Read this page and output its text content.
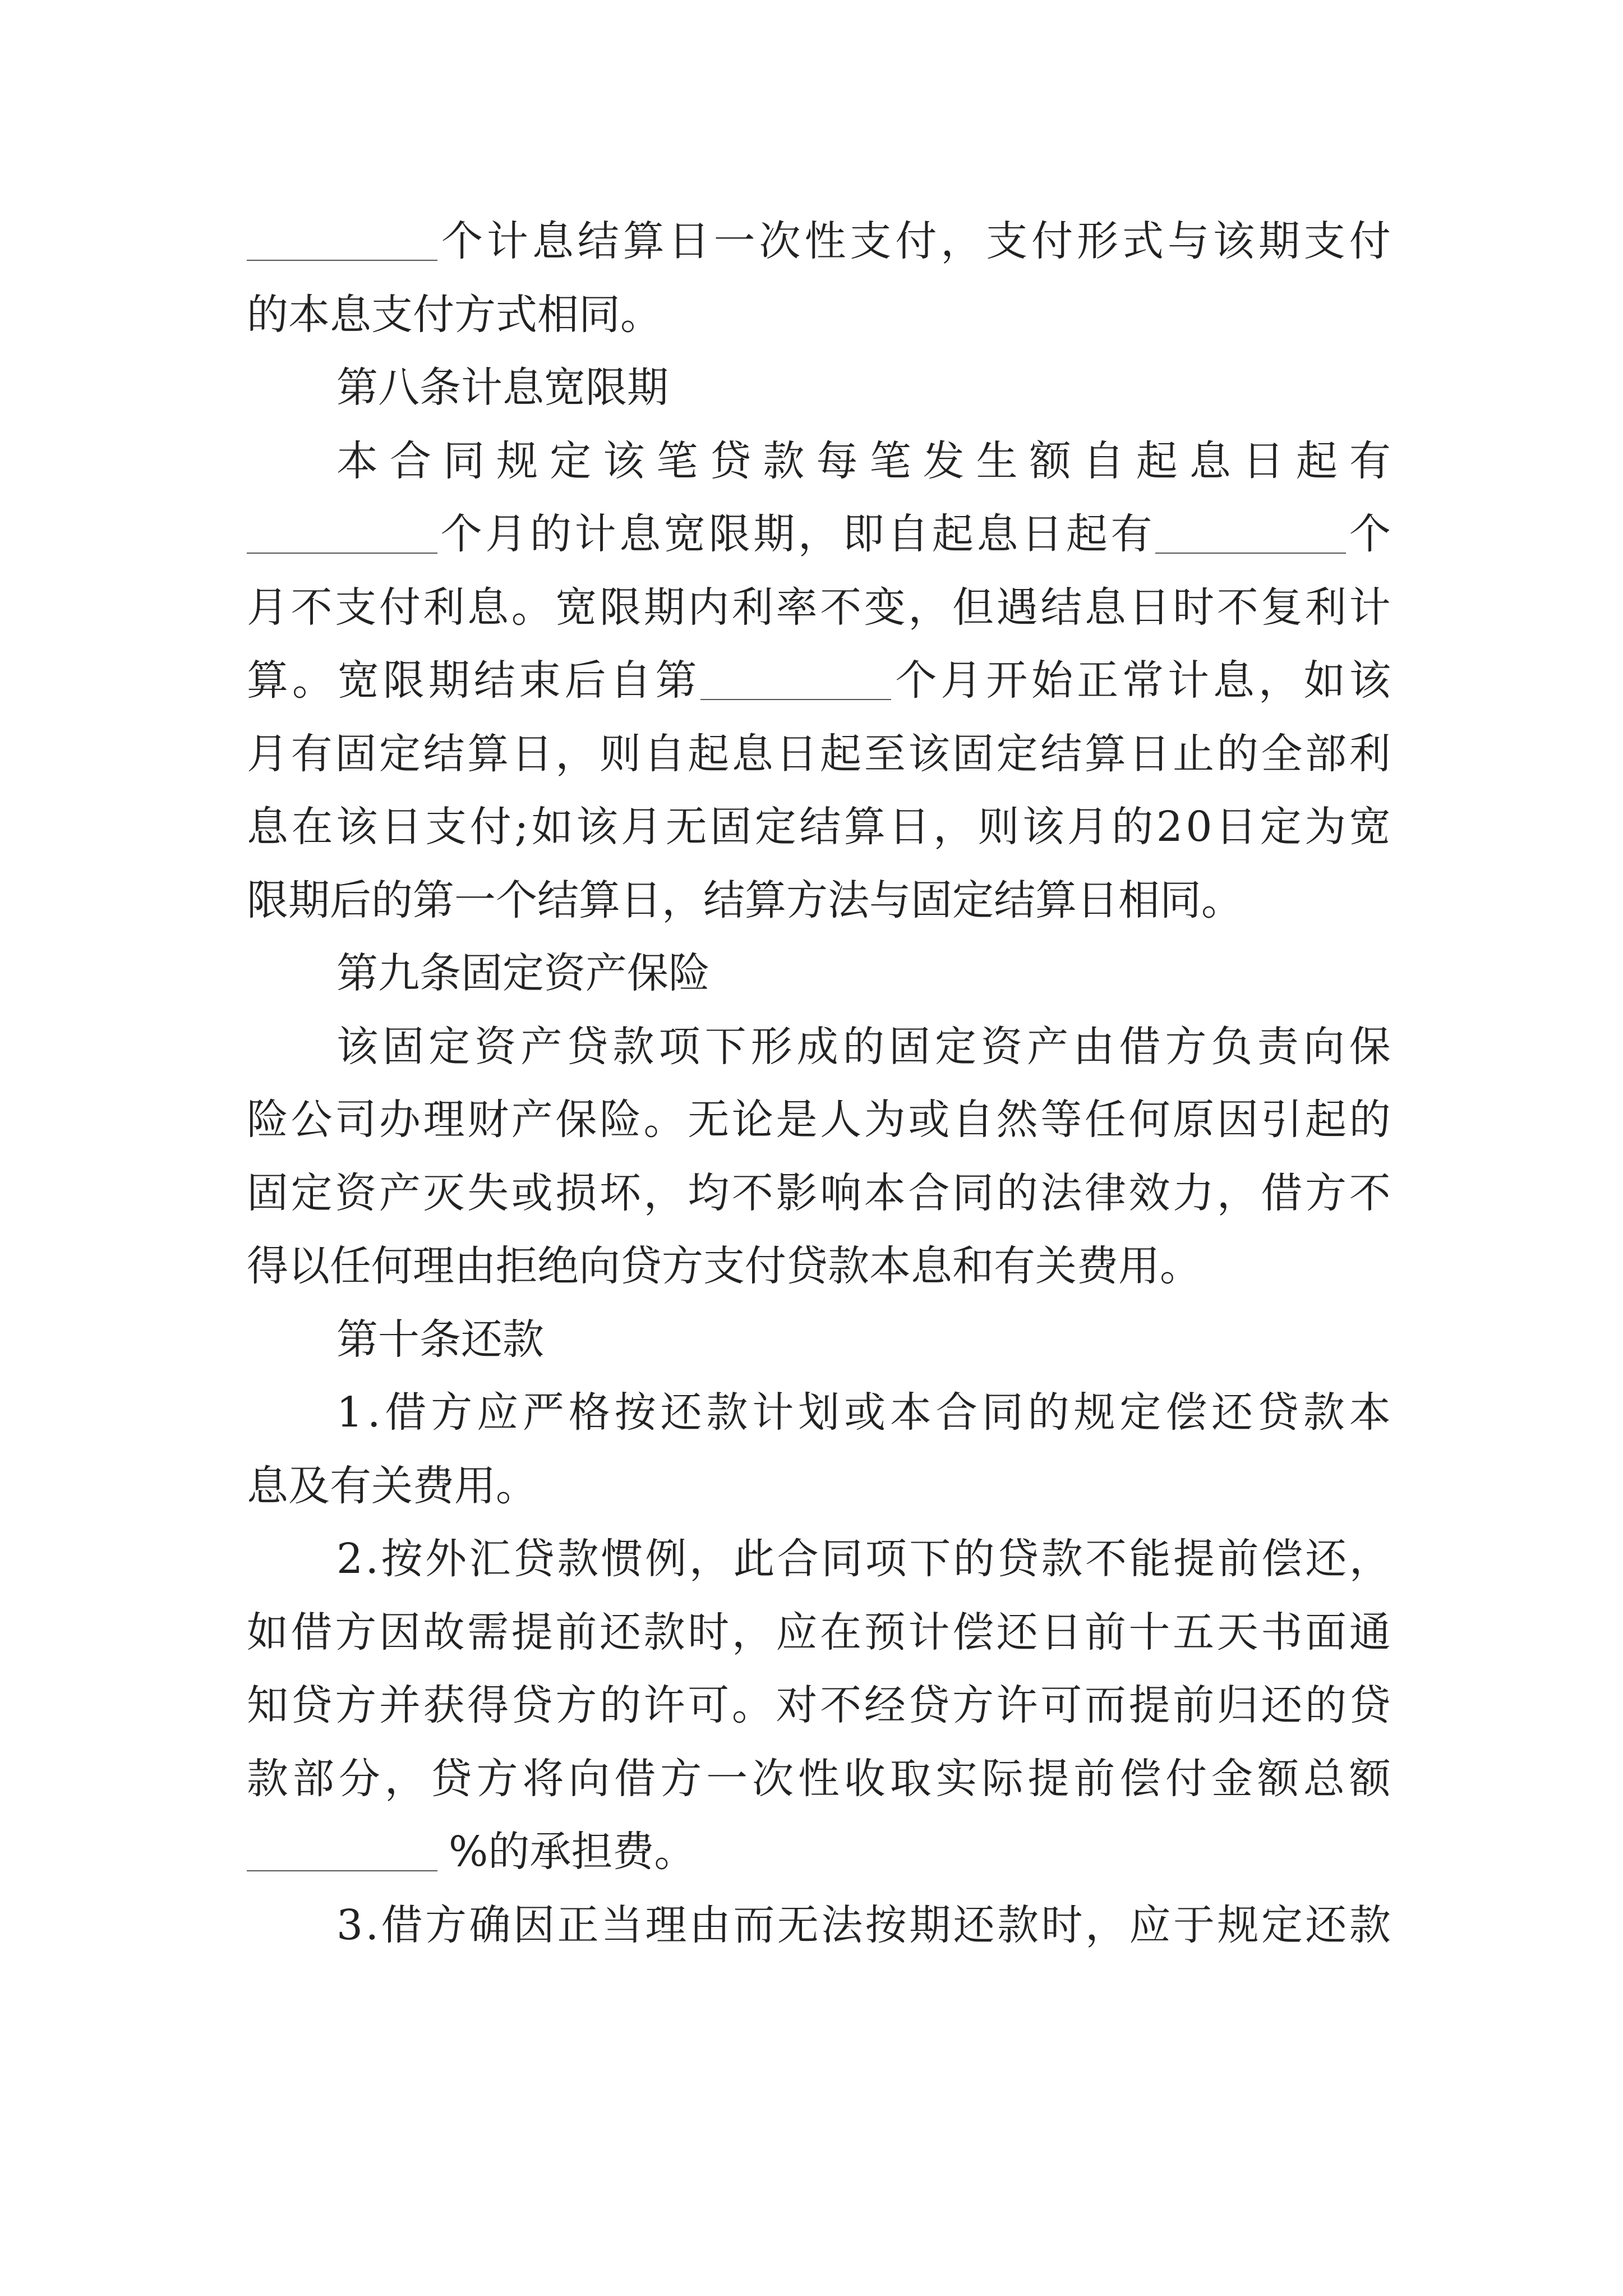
个 计 息 结 算 日 一 次 性 支 付 ， 支 付 形 式 与 该 期 支 付
的本息支付方式相同。
第八条计息宽限期
本 合 同 规 定 该 笔 贷 款 每 笔 发 生 额 自 起 息 日 起 有
个 月 的 计 息 宽 限 期 ， 即 自 起 息 日 起 有	个
月 不 支 付 利 息 。 宽 限 期 内 利 率 不 变 ， 但 遇 结 息 日 时 不 复 利 计
算 。 宽 限 期 结 束 后 自 第	个 月 开 始 正 常 计 息 ， 如 该
月 有 固 定 结 算 日 ， 则 自 起 息 日 起 至 该 固 定 结 算 日 止 的 全 部 利
息 在 该 日 支 付 ; 如 该 月 无 固 定 结 算 日 ， 则 该 月 的 2 0 日 定 为 宽
限期后的第一个结算日，结算方法与固定结算日相同。
第九条固定资产保险
该 固 定 资 产 贷 款 项 下 形 成 的 固 定 资 产 由 借 方 负 责 向 保
险 公 司 办 理 财 产 保 险 。 无 论 是 人 为 或 自 然 等 任 何 原 因 引 起 的
固 定 资 产 灭 失 或 损 坏 ， 均 不 影 响 本 合 同 的 法 律 效 力 ， 借 方 不
得以任何理由拒绝向贷方支付贷款本息和有关费用。
第十条还款
1 . 借 方 应 严 格 按 还 款 计 划 或 本 合 同 的 规 定 偿 还 贷 款 本
息及有关费用。
2 . 按 外 汇 贷 款 惯 例 ， 此 合 同 项 下 的 贷 款 不 能 提 前 偿 还 ，
如 借 方 因 故 需 提 前 还 款 时 ， 应 在 预 计 偿 还 日 前 十 五 天 书 面 通
知 贷 方 并 获 得 贷 方 的 许 可 。 对 不 经 贷 方 许 可 而 提 前 归 还 的 贷
款 部 分 ， 贷 方 将 向 借 方 一 次 性 收 取 实 际 提 前 偿 付 金 额 总 额
%的承担费。
3 . 借 方 确 因 正 当 理 由 而 无 法 按 期 还 款 时 ， 应 于 规 定 还 款
